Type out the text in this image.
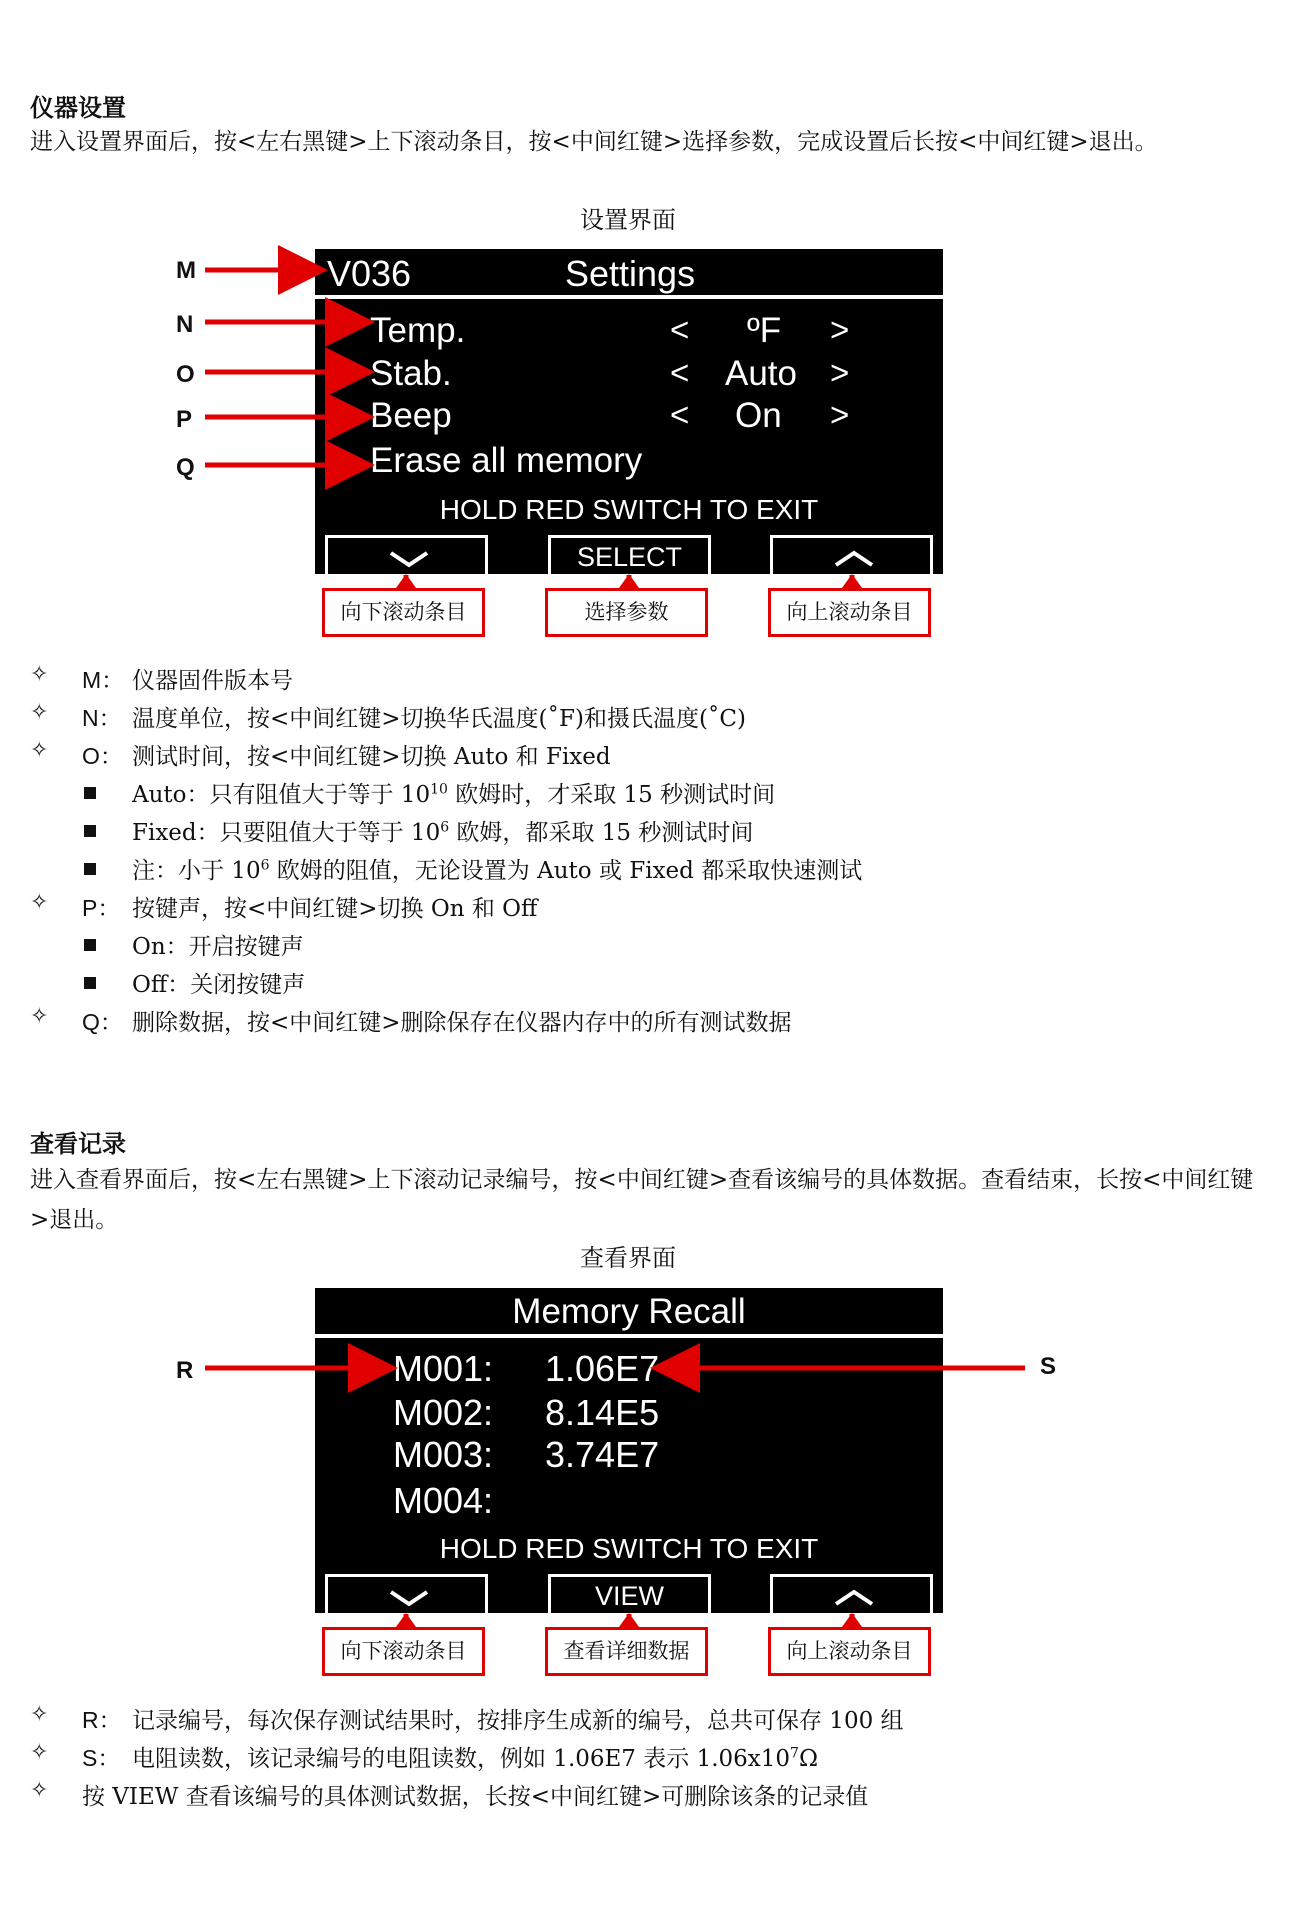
仪器设置
进入设置界面后，按<左右黑键>上下滚动条目，按<中间红键>选择参数，完成设置后长按<中间红键>退出。
设置界面
V036	Settings
Temp.	< ºF >
Stab.	< Auto >
Beep	< On >
Erase all memory
HOLD RED SWITCH TO EXIT
SELECT
M
N
O
P
Q
向下滚动条目	选择参数	向上滚动条目
✧ M： 仪器固件版本号
✧ N： 温度单位，按<中间红键>切换华氏温度(˚F)和摄氏温度(˚C)
✧ O： 测试时间，按<中间红键>切换 Auto 和 Fixed
Auto：只有阻值大于等于 $10^{10}$ 欧姆时，才采取 15 秒测试时间
Fixed：只要阻值大于等于 $10^6$ 欧姆，都采取 15 秒测试时间
注：小于 $10^6$ 欧姆的阻值，无论设置为 Auto 或 Fixed 都采取快速测试
✧ P： 按键声，按<中间红键>切换 On 和 Off
On：开启按键声
Off：关闭按键声
✧ Q： 删除数据，按<中间红键>删除保存在仪器内存中的所有测试数据
查看记录
进入查看界面后，按<左右黑键>上下滚动记录编号，按<中间红键>查看该编号的具体数据。查看结束，长按<中间红键>退出。
查看界面
Memory Recall
M001: 1.06E7
M002: 8.14E5
M003: 3.74E7
M004:
HOLD RED SWITCH TO EXIT
VIEW
R	S
向下滚动条目	查看详细数据	向上滚动条目
✧ R： 记录编号，每次保存测试结果时，按排序生成新的编号，总共可保存 100 组
✧ S： 电阻读数，该记录编号的电阻读数，例如 1.06E7 表示 $1.06x10^7\Omega$
✧ 按 VIEW 查看该编号的具体测试数据，长按<中间红键>可删除该条的记录值
